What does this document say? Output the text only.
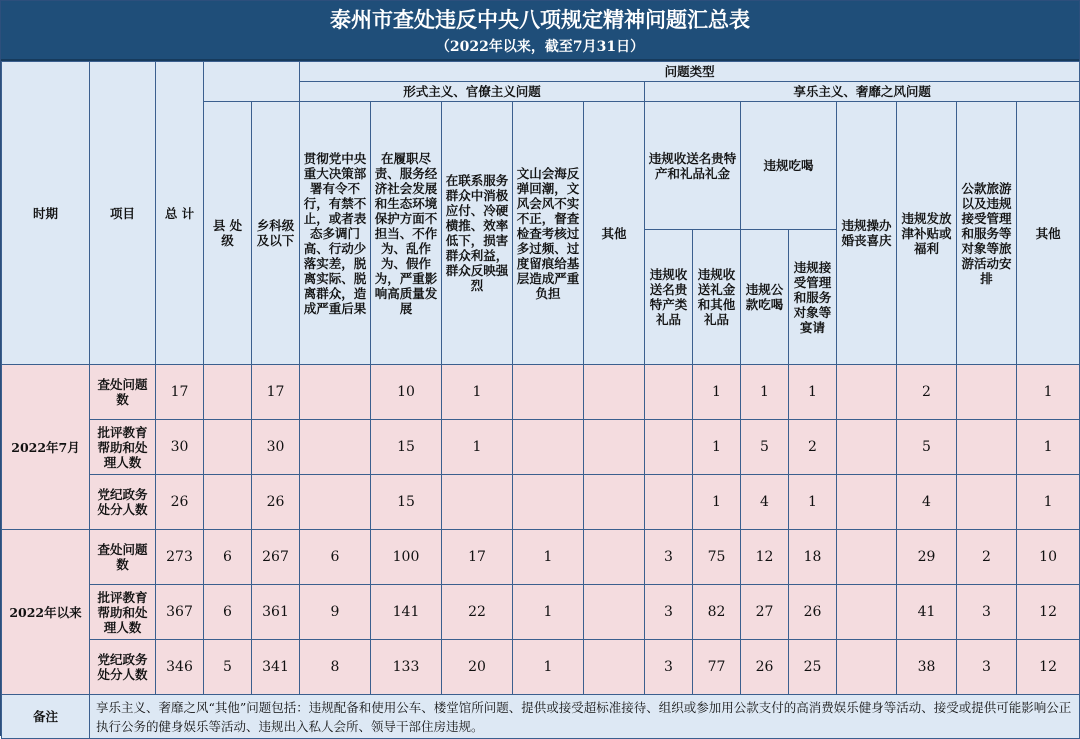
泰州市查处违反中央八项规定精神问题汇总表
（2022年以来，截至7月31日）
时期	项目	总 计			问题类型												
					形式主义、官僚主义问题					享乐主义、奢靡之风问题							
			县 处 级	乡科级及以下	贯彻党中央重大决策部署有令不行，有禁不止，或者表态多调门高、行动少落实差，脱离实际、脱离群众，造成严重后果	在履职尽责、服务经济社会发展和生态环境保护方面不担当、不作为、乱作为、假作为，严重影响高质量发展	在联系服务群众中消极应付、冷硬横推、效率低下，损害群众利益，群众反映强烈	文山会海反弹回潮，文风会风不实不正，督查检查考核过多过频、过度留痕给基层造成严重负担	其他	违规收送名贵特产和礼品礼金		违规吃喝		违规操办婚丧喜庆	违规发放津补贴或福利	公款旅游以及违规接受管理和服务等对象等旅游活动安排	其他
										违规收送名贵特产类礼品	违规收送礼金和其他礼品	违规公款吃喝	违规接受管理和服务对象等宴请				
2022年7月	查处问题数	17		17		10	1				1	1	1		2		1
	批评教育帮助和处理人数	30		30		15	1				1	5	2		5		1
	党纪政务处分人数	26		26		15					1	4	1		4		1
2022年以来	查处问题数	273	6	267	6	100	17	1		3	75	12	18		29	2	10
	批评教育帮助和处理人数	367	6	361	9	141	22	1		3	82	27	26		41	3	12
	党纪政务处分人数	346	5	341	8	133	20	1		3	77	26	25		38	3	12
备注	享乐主义、奢靡之风“其他”问题包括：违规配备和使用公车、楼堂馆所问题、提供或接受超标准接待、组织或参加用公款支付的高消费娱乐健身等活动、接受或提供可能影响公正执行公务的健身娱乐等活动、违规出入私人会所、领导干部住房违规。																
